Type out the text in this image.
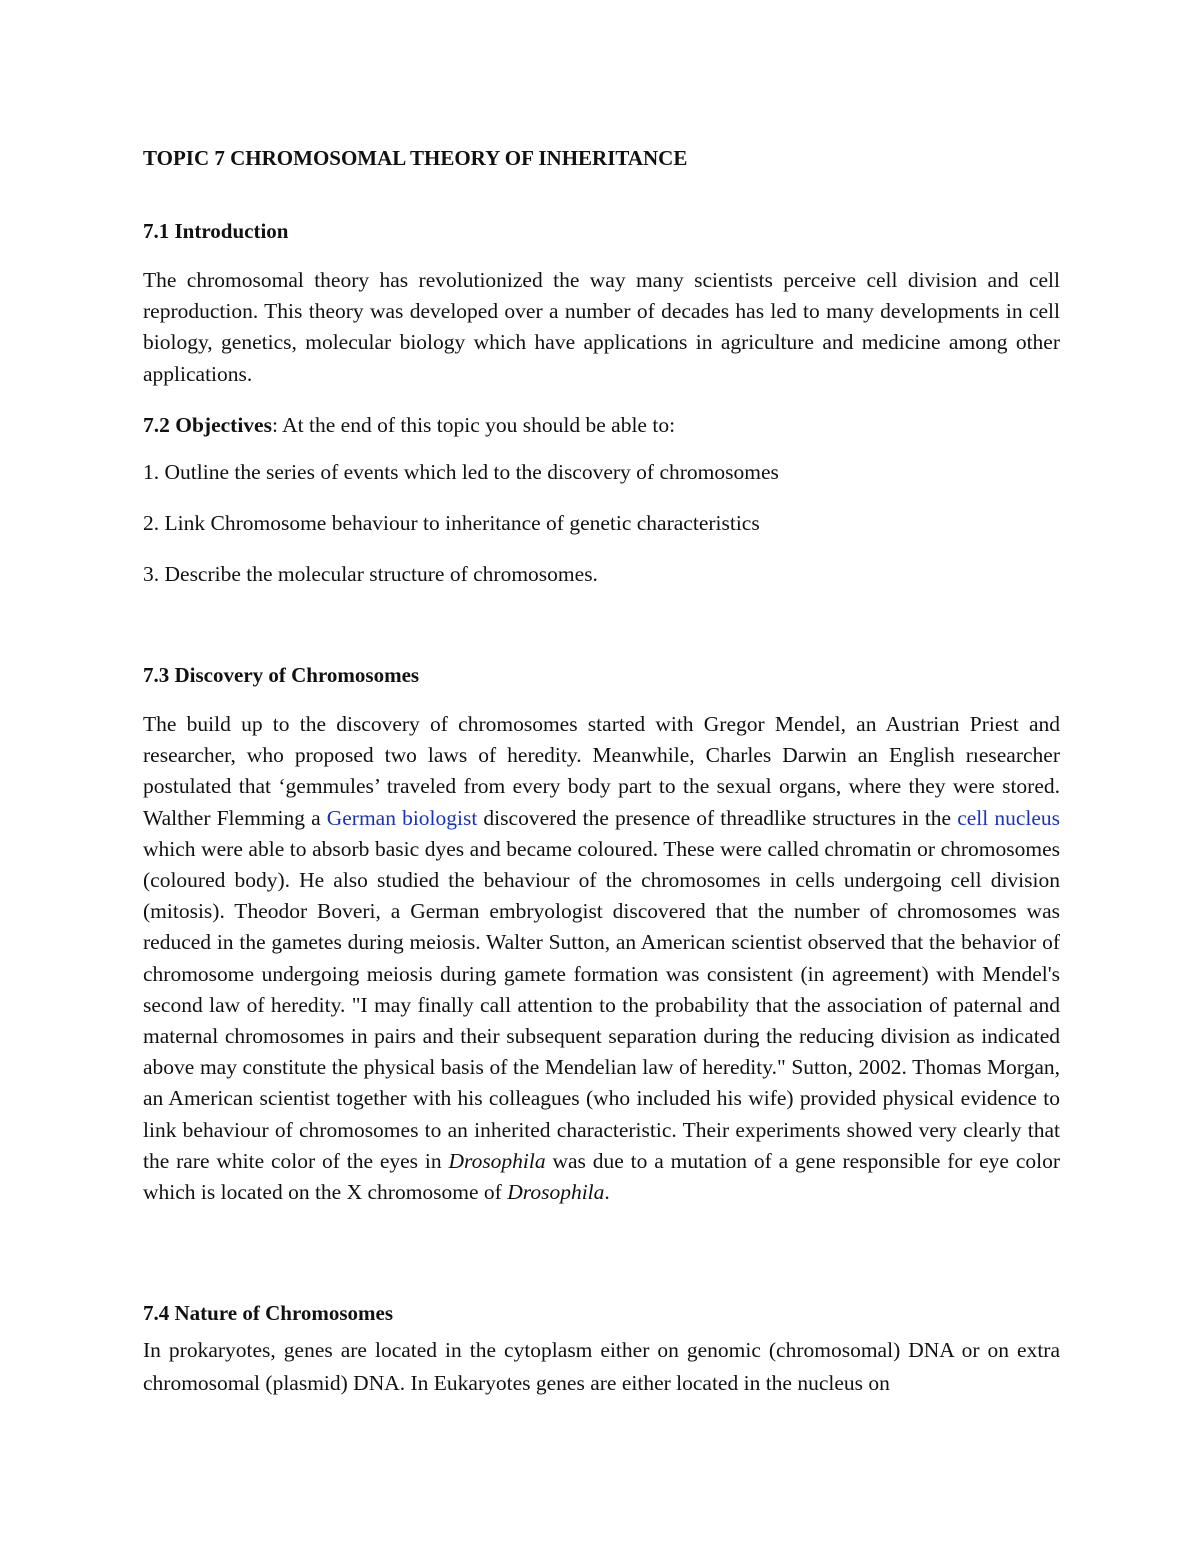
TOPIC 7 CHROMOSOMAL THEORY OF INHERITANCE

7.1 Introduction

The chromosomal theory has revolutionized the way many scientists perceive cell division and cell reproduction. This theory was developed over a number of decades has led to many developments in cell biology, genetics, molecular biology which have applications in agriculture and medicine among other applications.

7.2 Objectives: At the end of this topic you should be able to:

1. Outline the series of events which led to the discovery of chromosomes

2. Link Chromosome behaviour to inheritance of genetic characteristics

3. Describe the molecular structure of chromosomes.

7.3 Discovery of Chromosomes

The build up to the discovery of chromosomes started with Gregor Mendel, an Austrian Priest and researcher, who proposed two laws of heredity. Meanwhile, Charles Darwin an English rıesearcher postulated that ‘gemmules’ traveled from every body part to the sexual organs, where they were stored. Walther Flemming a German biologist discovered the presence of threadlike structures in the cell nucleus which were able to absorb basic dyes and became coloured. These were called chromatin or chromosomes (coloured body). He also studied the behaviour of the chromosomes in cells undergoing cell division (mitosis). Theodor Boveri, a German embryologist discovered that the number of chromosomes was reduced in the gametes during meiosis. Walter Sutton, an American scientist observed that the behavior of chromosome undergoing meiosis during gamete formation was consistent (in agreement) with Mendel's second law of heredity. "I may finally call attention to the probability that the association of paternal and maternal chromosomes in pairs and their subsequent separation during the reducing division as indicated above may constitute the physical basis of the Mendelian law of heredity." Sutton, 2002. Thomas Morgan, an American scientist together with his colleagues (who included his wife) provided physical evidence to link behaviour of chromosomes to an inherited characteristic. Their experiments showed very clearly that the rare white color of the eyes in Drosophila was due to a mutation of a gene responsible for eye color which is located on the X chromosome of Drosophila.

7.4 Nature of Chromosomes

In prokaryotes, genes are located in the cytoplasm either on genomic (chromosomal) DNA or on extra chromosomal (plasmid) DNA. In Eukaryotes genes are either located in the nucleus on
